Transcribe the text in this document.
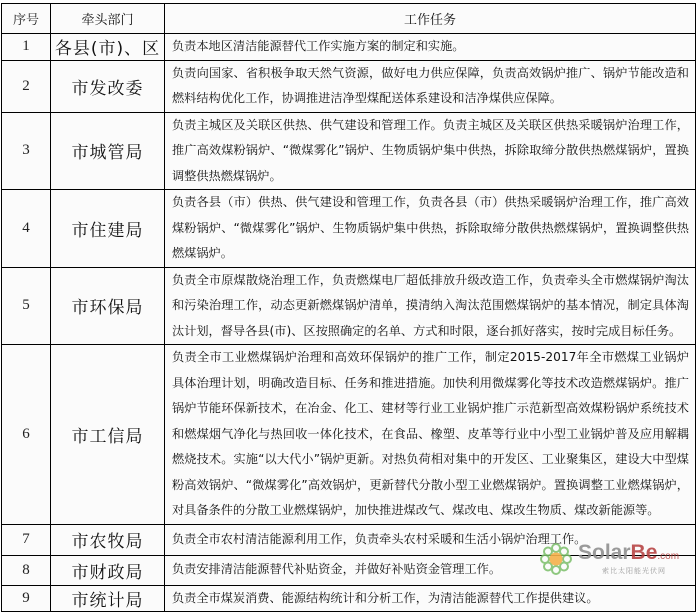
序号	牵头部门	工作任务
1	各县(市)、区	负责本地区清洁能源替代工作实施方案的制定和实施。
2	市发改委	负责向国家、省积极争取天然气资源，做好电力供应保障，负责高效锅炉推广、锅炉节能改造和燃料结构优化工作，协调推进洁净型煤配送体系建设和洁净煤供应保障。
3	市城管局	负责主城区及关联区供热、供气建设和管理工作。负责主城区及关联区供热采暖锅炉治理工作，推广高效煤粉锅炉、“微煤雾化”锅炉、生物质锅炉集中供热，拆除取缔分散供热燃煤锅炉，置换调整供热燃煤锅炉。
4	市住建局	负责各县（市）供热、供气建设和管理工作，负责各县（市）供热采暖锅炉治理工作，推广高效煤粉锅炉、“微煤雾化”锅炉、生物质锅炉集中供热，拆除取缔分散供热燃煤锅炉，置换调整供热燃煤锅炉。
5	市环保局	负责全市原煤散烧治理工作，负责燃煤电厂超低排放升级改造工作，负责牵头全市燃煤锅炉淘汰和污染治理工作，动态更新燃煤锅炉清单，摸清纳入淘汰范围燃煤锅炉的基本情况，制定具体淘汰计划，督导各县(市)、区按照确定的名单、方式和时限，逐台抓好落实，按时完成目标任务。
6	市工信局	负责全市工业燃煤锅炉治理和高效环保锅炉的推广工作，制定2015-2017年全市燃煤工业锅炉具体治理计划，明确改造目标、任务和推进措施。加快利用微煤雾化等技术改造燃煤锅炉。推广锅炉节能环保新技术，在冶金、化工、建材等行业工业锅炉推广示范新型高效煤粉锅炉系统技术和燃煤烟气净化与热回收一体化技术，在食品、橡塑、皮革等行业中小型工业锅炉普及应用解耦燃烧技术。实施“以大代小”锅炉更新。对热负荷相对集中的开发区、工业聚集区，建设大中型煤粉高效锅炉、“微煤雾化”高效锅炉，更新替代分散小型工业燃煤锅炉。置换调整工业燃煤锅炉，对具备条件的分散工业燃煤锅炉，加快推进煤改气、煤改电、煤改生物质、煤改新能源等。
7	市农牧局	负责全市农村清洁能源利用工作，负责牵头农村采暖和生活小锅炉治理工作。
8	市财政局	负责安排清洁能源替代补贴资金，并做好补贴资金管理工作。
9	市统计局	负责全市煤炭消费、能源结构统计和分析工作，为清洁能源替代工作提供建议。
SolarBe.com
索比太阳能光伏网
